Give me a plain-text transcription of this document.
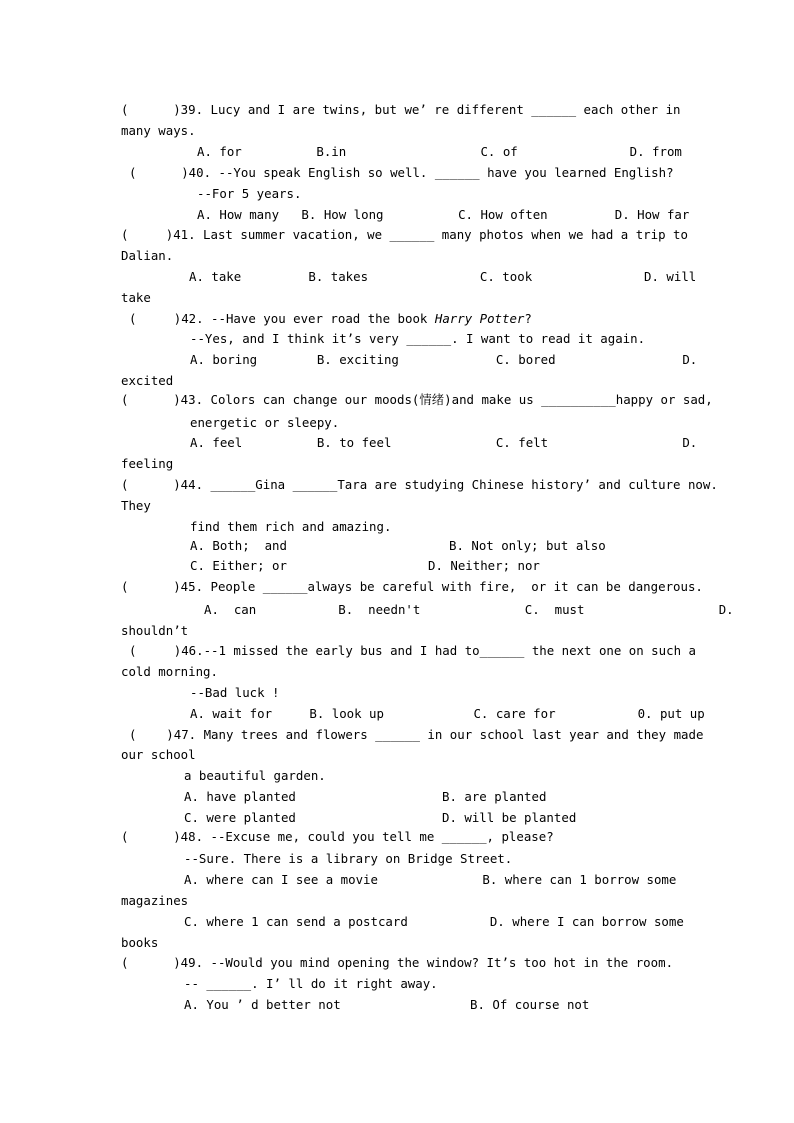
(      )39. Lucy and I are twins, but we’ re different ______ each other in
many ways.
A. for          B.in                  C. of               D. from
(      )40. --You speak English so well. ______ have you learned English?
--For 5 years.
A. How many   B. How long          C. How often         D. How far
(     )41. Last summer vacation, we ______ many photos when we had a trip to
Dalian.
A. take         B. takes               C. took               D. will
take
(     )42. --Have you ever road the book Harry Potter?
--Yes, and I think it’s very ______. I want to read it again.
A. boring        B. exciting             C. bored                 D.
excited
(      )43. Colors can change our moods(情绪)and make us __________happy or sad,
energetic or sleepy.
A. feel          B. to feel              C. felt                  D.
feeling
(      )44. ______Gina ______Tara are studying Chinese history’ and culture now.
They
find them rich and amazing.
A. Both;  and	B. Not only; but also
C. Either; or	D. Neither; nor
(      )45. People ______always be careful with fire,  or it can be dangerous.
A.  can           B.  needn't              C.  must                  D.
shouldn’t
(     )46.--1 missed the early bus and I had to______ the next one on such a
cold morning.
--Bad luck !
A. wait for     B. look up            C. care for           0. put up
(    )47. Many trees and flowers ______ in our school last year and they made
our school
a beautiful garden.
A. have planted	B. are planted
C. were planted	D. will be planted
(      )48. --Excuse me, could you tell me ______, please?
--Sure. There is a library on Bridge Street.
A. where can I see a movie              B. where can 1 borrow some
magazines
C. where 1 can send a postcard           D. where I can borrow some
books
(      )49. --Would you mind opening the window? It’s too hot in the room.
-- ______. I’ ll do it right away.
A. You ’ d better not	B. Of course not
